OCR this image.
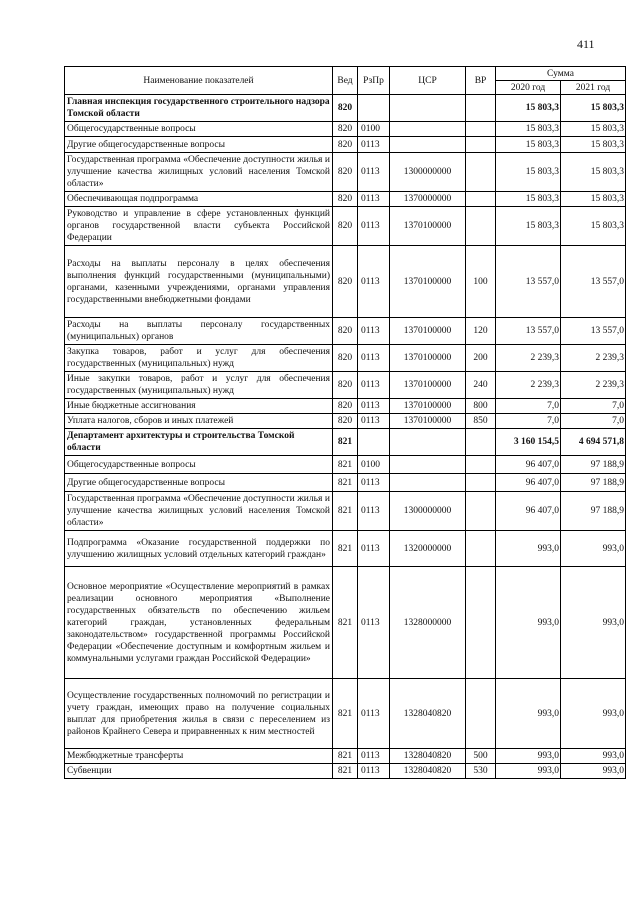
411
Наименование показателей	Вед	РзПр	ЦСР	ВР	Сумма	
					2020 год	2021 год
Главная инспекция государственного строительного надзора Томской области	820				15 803,3	15 803,3
Общегосударственные вопросы	820	0100			15 803,3	15 803,3
Другие общегосударственные вопросы	820	0113			15 803,3	15 803,3
Государственная программа «Обеспечение доступности жилья и улучшение качества жилищных условий населения Томской области»	820	0113	1300000000		15 803,3	15 803,3
Обеспечивающая подпрограмма	820	0113	1370000000		15 803,3	15 803,3
Руководство и управление в сфере установленных функций органов государственной власти субъекта Российской Федерации	820	0113	1370100000		15 803,3	15 803,3
Расходы на выплаты персоналу в целях обеспечения выполнения функций государственными (муниципальными) органами, казенными учреждениями, органами управления государственными внебюджетными фондами	820	0113	1370100000	100	13 557,0	13 557,0
Расходы на выплаты персоналу государственных (муниципальных) органов	820	0113	1370100000	120	13 557,0	13 557,0
Закупка товаров, работ и услуг для обеспечения государственных (муниципальных) нужд	820	0113	1370100000	200	2 239,3	2 239,3
Иные закупки товаров, работ и услуг для обеспечения государственных (муниципальных) нужд	820	0113	1370100000	240	2 239,3	2 239,3
Иные бюджетные ассигнования	820	0113	1370100000	800	7,0	7,0
Уплата налогов, сборов и иных платежей	820	0113	1370100000	850	7,0	7,0
Департамент архитектуры и строительства Томской области	821				3 160 154,5	4 694 571,8
Общегосударственные вопросы	821	0100			96 407,0	97 188,9
Другие общегосударственные вопросы	821	0113			96 407,0	97 188,9
Государственная программа «Обеспечение доступности жилья и улучшение качества жилищных условий населения Томской области»	821	0113	1300000000		96 407,0	97 188,9
Подпрограмма «Оказание государственной поддержки по улучшению жилищных условий отдельных категорий граждан»	821	0113	1320000000		993,0	993,0
Основное мероприятие «Осуществление мероприятий в рамках реализации основного мероприятия «Выполнение государственных обязательств по обеспечению жильем категорий граждан, установленных федеральным законодательством» государственной программы Российской Федерации «Обеспечение доступным и комфортным жильем и коммунальными услугами граждан Российской Федерации»	821	0113	1328000000		993,0	993,0
Осуществление государственных полномочий по регистрации и учету граждан, имеющих право на получение социальных выплат для приобретения жилья в связи с переселением из районов Крайнего Севера и приравненных к ним местностей	821	0113	1328040820		993,0	993,0
Межбюджетные трансферты	821	0113	1328040820	500	993,0	993,0
Субвенции	821	0113	1328040820	530	993,0	993,0
